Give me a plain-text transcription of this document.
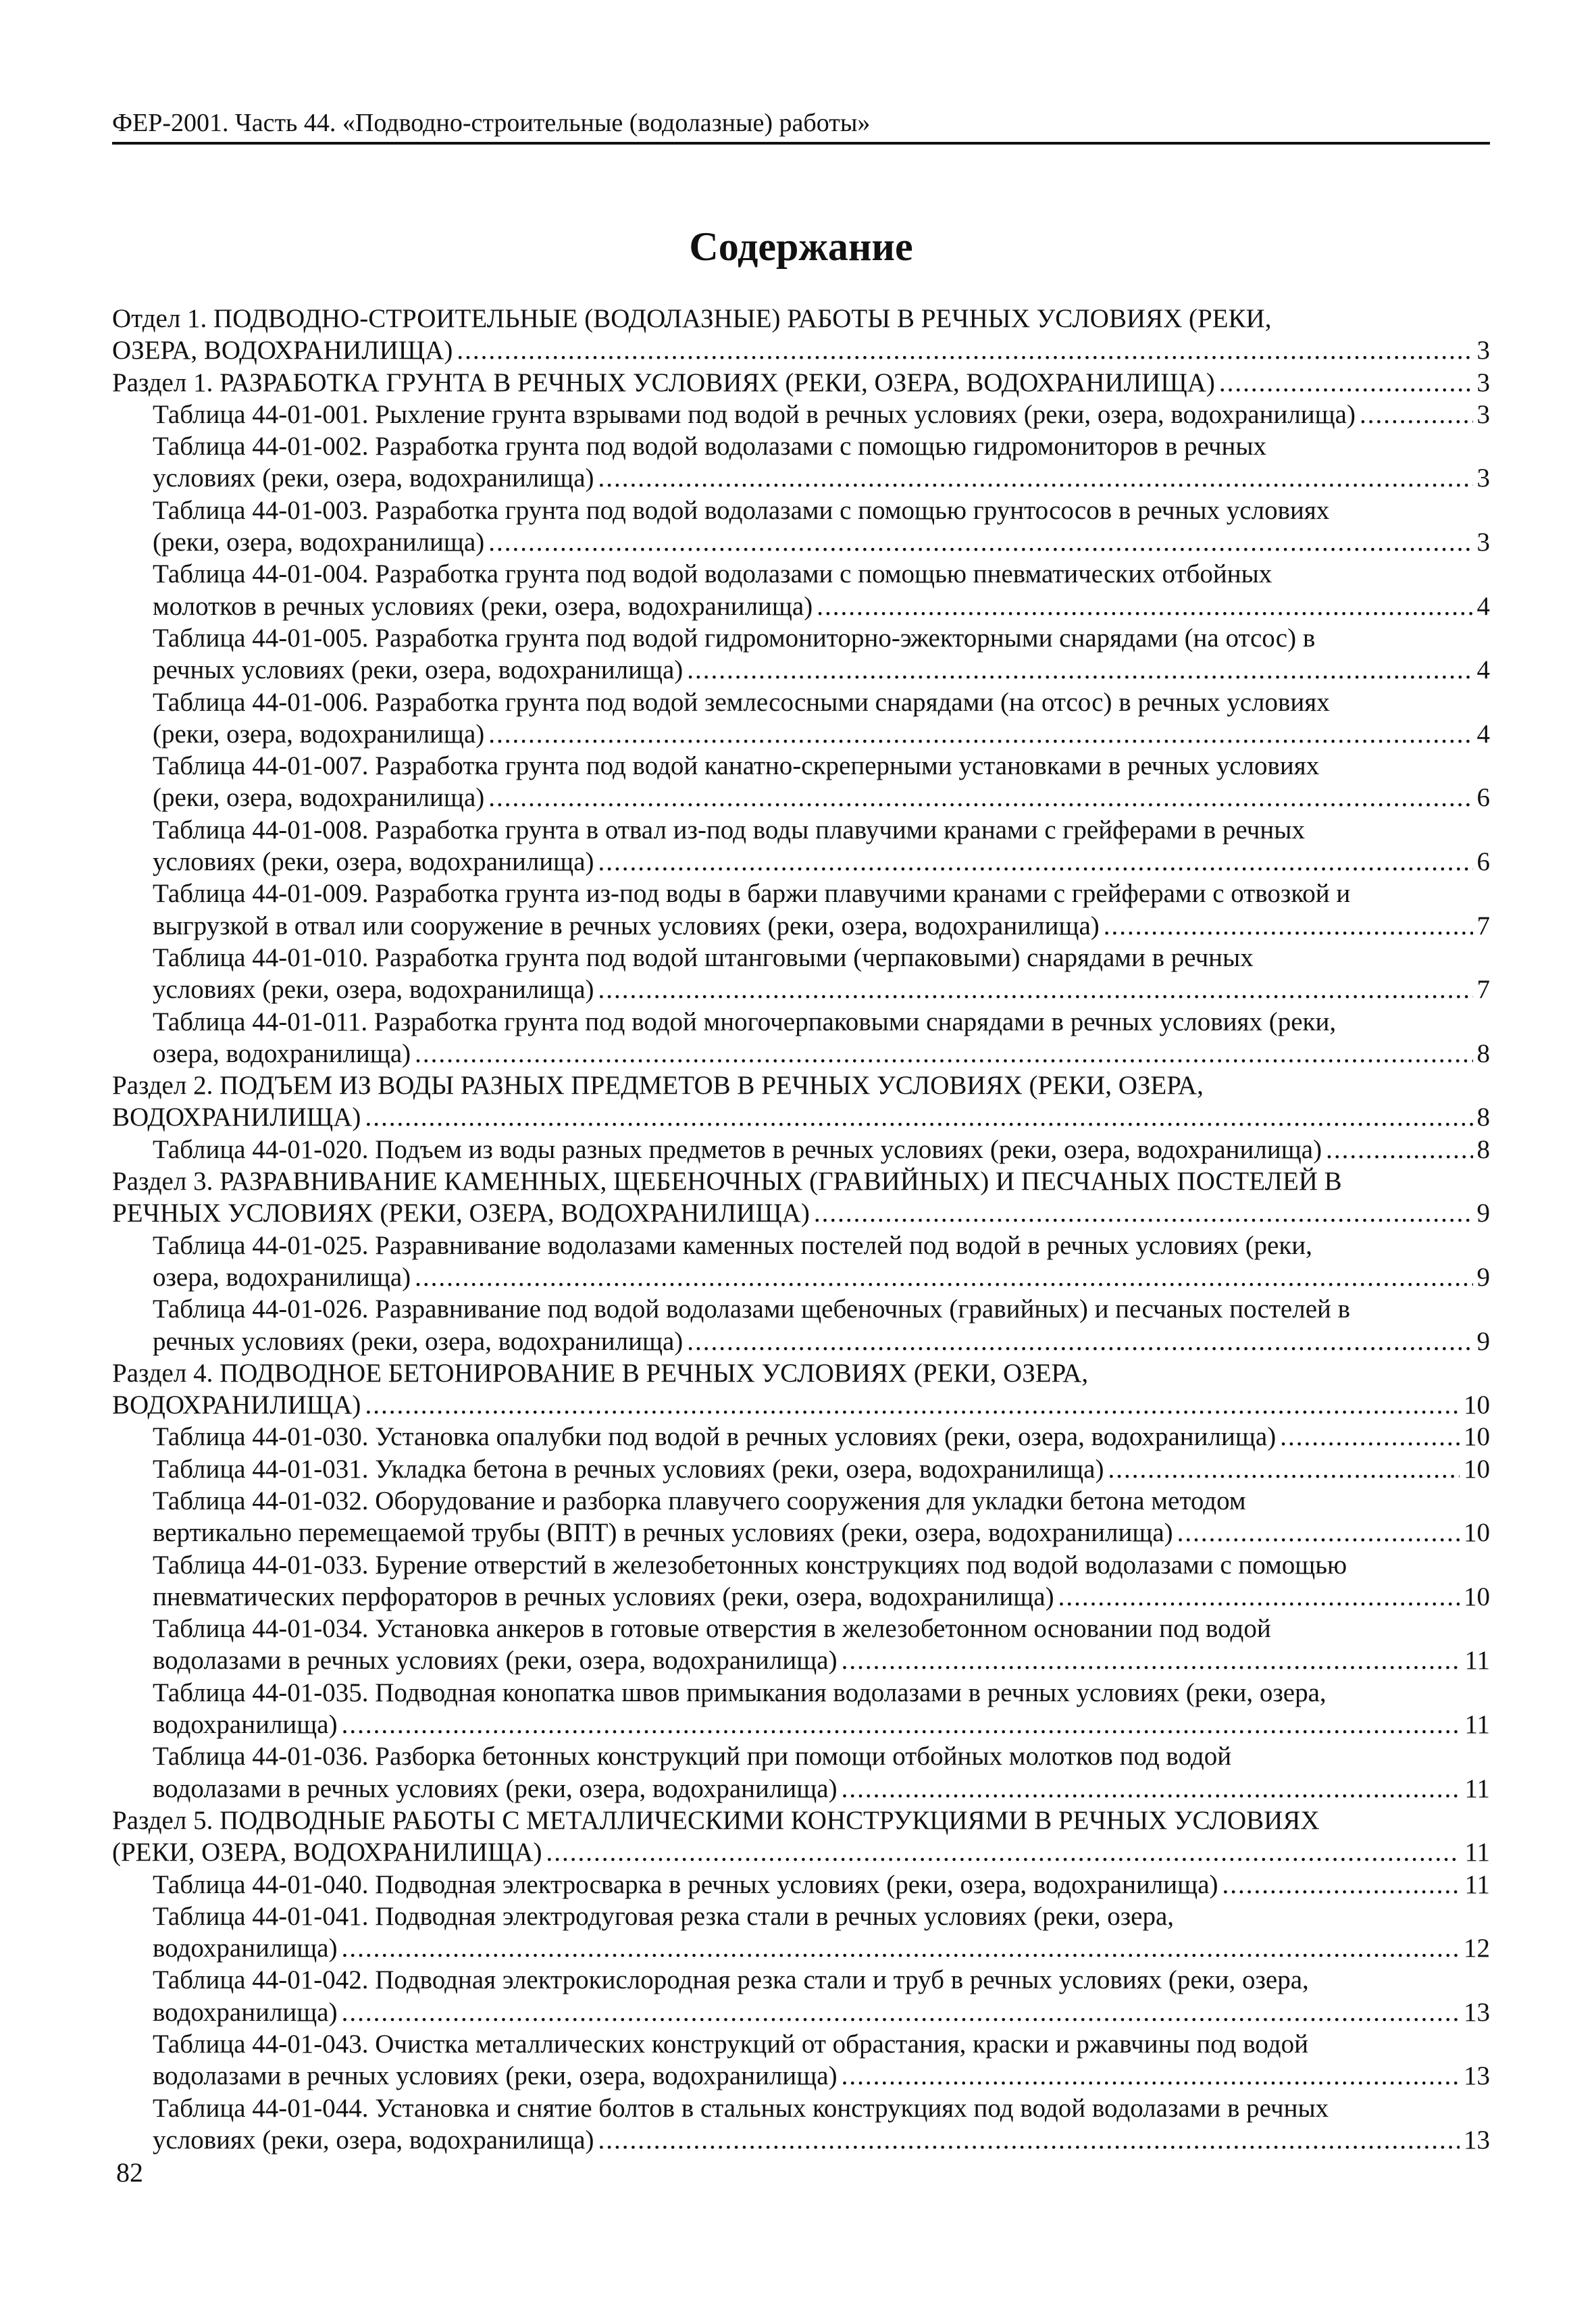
ФЕР-2001. Часть 44. «Подводно-строительные (водолазные) работы»
Содержание
Отдел 1. ПОДВОДНО-СТРОИТЕЛЬНЫЕ (ВОДОЛАЗНЫЕ) РАБОТЫ В РЕЧНЫХ УСЛОВИЯХ (РЕКИ,
ОЗЕРА, ВОДОХРАНИЛИЩА) .....	3
Раздел 1. РАЗРАБОТКА ГРУНТА В РЕЧНЫХ УСЛОВИЯХ (РЕКИ, ОЗЕРА, ВОДОХРАНИЛИЩА) .....	3
Таблица 44-01-001. Рыхление грунта взрывами под водой в речных условиях (реки, озера, водохранилища) .....	3
Таблица 44-01-002. Разработка грунта под водой водолазами с помощью гидромониторов в речных
условиях (реки, озера, водохранилища) .....	3
Таблица 44-01-003. Разработка грунта под водой водолазами с помощью грунтососов в речных условиях
(реки, озера, водохранилища) .....	3
Таблица 44-01-004. Разработка грунта под водой водолазами с помощью пневматических отбойных
молотков в речных условиях (реки, озера, водохранилища) .....	4
Таблица 44-01-005. Разработка грунта под водой гидромониторно-эжекторными снарядами (на отсос) в
речных условиях (реки, озера, водохранилища) .....	4
Таблица 44-01-006. Разработка грунта под водой землесосными снарядами (на отсос) в речных условиях
(реки, озера, водохранилища) .....	4
Таблица 44-01-007. Разработка грунта под водой канатно-скреперными установками в речных условиях
(реки, озера, водохранилища) .....	6
Таблица 44-01-008. Разработка грунта в отвал из-под воды плавучими кранами с грейферами в речных
условиях (реки, озера, водохранилища) .....	6
Таблица 44-01-009. Разработка грунта из-под воды в баржи плавучими кранами с грейферами с отвозкой и
выгрузкой в отвал или сооружение в речных условиях (реки, озера, водохранилища) .....	7
Таблица 44-01-010. Разработка грунта под водой штанговыми (черпаковыми) снарядами в речных
условиях (реки, озера, водохранилища) .....	7
Таблица 44-01-011. Разработка грунта под водой многочерпаковыми снарядами в речных условиях (реки,
озера, водохранилища) .....	8
Раздел 2. ПОДЪЕМ ИЗ ВОДЫ РАЗНЫХ ПРЕДМЕТОВ В РЕЧНЫХ УСЛОВИЯХ (РЕКИ, ОЗЕРА,
ВОДОХРАНИЛИЩА) .....	8
Таблица 44-01-020. Подъем из воды разных предметов в речных условиях (реки, озера, водохранилища) .....	8
Раздел 3. РАЗРАВНИВАНИЕ КАМЕННЫХ, ЩЕБЕНОЧНЫХ (ГРАВИЙНЫХ) И ПЕСЧАНЫХ ПОСТЕЛЕЙ В
РЕЧНЫХ УСЛОВИЯХ (РЕКИ, ОЗЕРА, ВОДОХРАНИЛИЩА) .....	9
Таблица 44-01-025. Разравнивание водолазами каменных постелей под водой в речных условиях (реки,
озера, водохранилища) .....	9
Таблица 44-01-026. Разравнивание под водой водолазами щебеночных (гравийных) и песчаных постелей в
речных условиях (реки, озера, водохранилища) .....	9
Раздел 4. ПОДВОДНОЕ БЕТОНИРОВАНИЕ В РЕЧНЫХ УСЛОВИЯХ (РЕКИ, ОЗЕРА,
ВОДОХРАНИЛИЩА) .....	10
Таблица 44-01-030. Установка опалубки под водой в речных условиях (реки, озера, водохранилища) .....	10
Таблица 44-01-031. Укладка бетона в речных условиях (реки, озера, водохранилища) .....	10
Таблица 44-01-032. Оборудование и разборка плавучего сооружения для укладки бетона методом
вертикально перемещаемой трубы (ВПТ) в речных условиях (реки, озера, водохранилища) .....	10
Таблица 44-01-033. Бурение отверстий в железобетонных конструкциях под водой водолазами с помощью
пневматических перфораторов в речных условиях (реки, озера, водохранилища) .....	10
Таблица 44-01-034. Установка анкеров в готовые отверстия в железобетонном основании под водой
водолазами в речных условиях (реки, озера, водохранилища) .....	11
Таблица 44-01-035. Подводная конопатка швов примыкания водолазами в речных условиях (реки, озера,
водохранилища) .....	11
Таблица 44-01-036. Разборка бетонных конструкций при помощи отбойных молотков под водой
водолазами в речных условиях (реки, озера, водохранилища) .....	11
Раздел 5. ПОДВОДНЫЕ РАБОТЫ С МЕТАЛЛИЧЕСКИМИ КОНСТРУКЦИЯМИ В РЕЧНЫХ УСЛОВИЯХ
(РЕКИ, ОЗЕРА, ВОДОХРАНИЛИЩА) .....	11
Таблица 44-01-040. Подводная электросварка в речных условиях (реки, озера, водохранилища) .....	11
Таблица 44-01-041. Подводная электродуговая резка стали в речных условиях (реки, озера,
водохранилища) .....	12
Таблица 44-01-042. Подводная электрокислородная резка стали и труб в речных условиях (реки, озера,
водохранилища) .....	13
Таблица 44-01-043. Очистка металлических конструкций от обрастания, краски и ржавчины под водой
водолазами в речных условиях (реки, озера, водохранилища) .....	13
Таблица 44-01-044. Установка и снятие болтов в стальных конструкциях под водой водолазами в речных
условиях (реки, озера, водохранилища) .....	13
82
